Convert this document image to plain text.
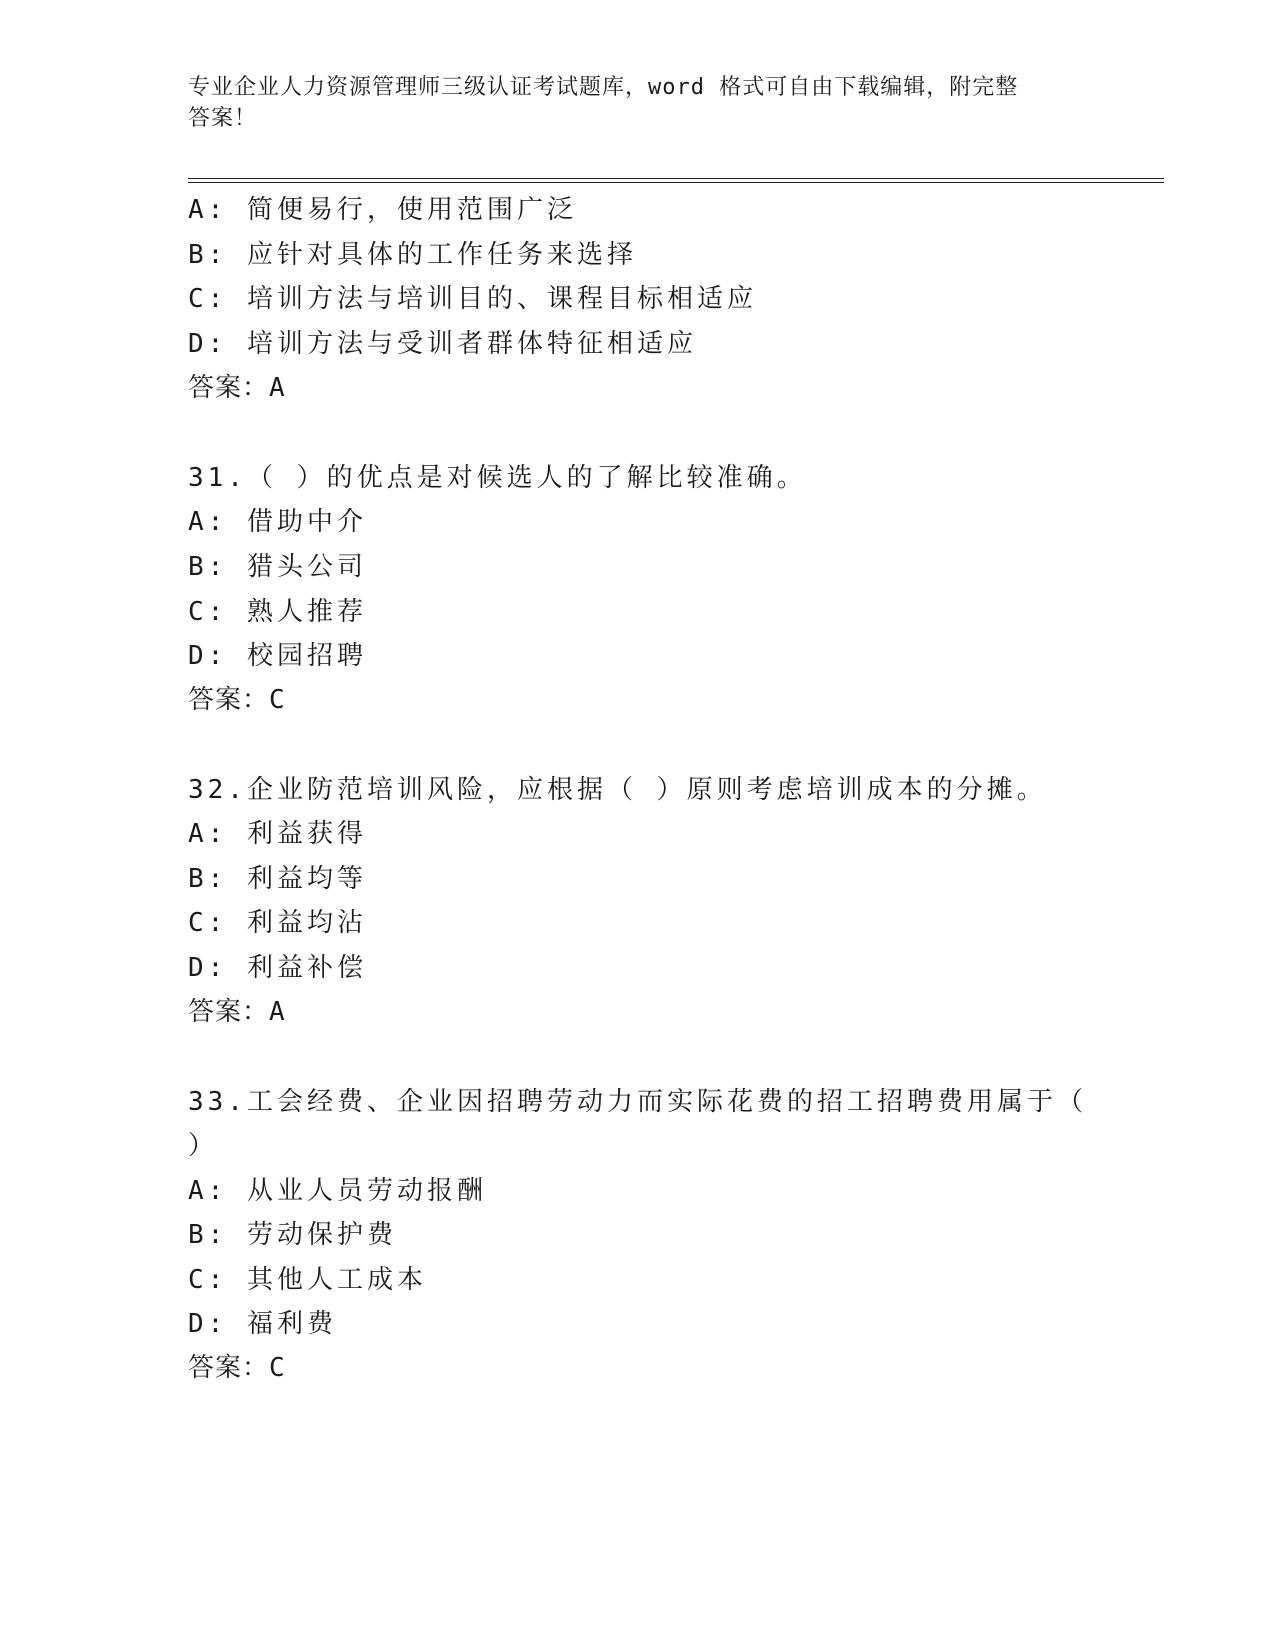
专业企业人力资源管理师三级认证考试题库，word 格式可自由下载编辑，附完整
答案！
A: 简便易行，使用范围广泛
B: 应针对具体的工作任务来选择
C: 培训方法与培训目的、课程目标相适应
D: 培训方法与受训者群体特征相适应
答案：A
31.（ ）的优点是对候选人的了解比较准确。
A: 借助中介
B: 猎头公司
C: 熟人推荐
D: 校园招聘
答案：C
32.企业防范培训风险，应根据（ ）原则考虑培训成本的分摊。
A: 利益获得
B: 利益均等
C: 利益均沾
D: 利益补偿
答案：A
33.工会经费、企业因招聘劳动力而实际花费的招工招聘费用属于（
）
A: 从业人员劳动报酬
B: 劳动保护费
C: 其他人工成本
D: 福利费
答案：C
